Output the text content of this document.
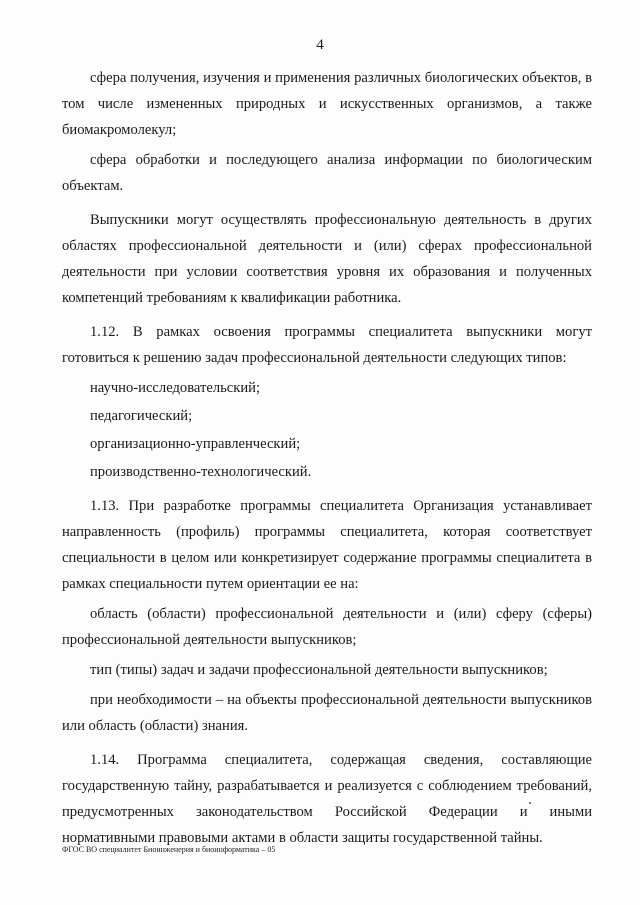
4

сфера получения, изучения и применения различных биологических объектов, в том числе измененных природных и искусственных организмов, а также биомакромолекул;

сфера обработки и последующего анализа информации по биологическим объектам.

Выпускники могут осуществлять профессиональную деятельность в других областях профессиональной деятельности и (или) сферах профессиональной деятельности при условии соответствия уровня их образования и полученных компетенций требованиям к квалификации работника.

1.12. В рамках освоения программы специалитета выпускники могут готовиться к решению задач профессиональной деятельности следующих типов:

научно-исследовательский;

педагогический;

организационно-управленческий;

производственно-технологический.

1.13. При разработке программы специалитета Организация устанавливает направленность (профиль) программы специалитета, которая соответствует специальности в целом или конкретизирует содержание программы специалитета в рамках специальности путем ориентации ее на:

область (области) профессиональной деятельности и (или) сферу (сферы) профессиональной деятельности выпускников;

тип (типы) задач и задачи профессиональной деятельности выпускников;

при необходимости – на объекты профессиональной деятельности выпускников или область (области) знания.

1.14. Программа специалитета, содержащая сведения, составляющие государственную тайну, разрабатывается и реализуется с соблюдением требований, предусмотренных законодательством Российской Федерации и иными нормативными правовыми актами в области защиты государственной тайны.

ФГОС ВО специалитет Биоинженерия и биоинформатика – 05
